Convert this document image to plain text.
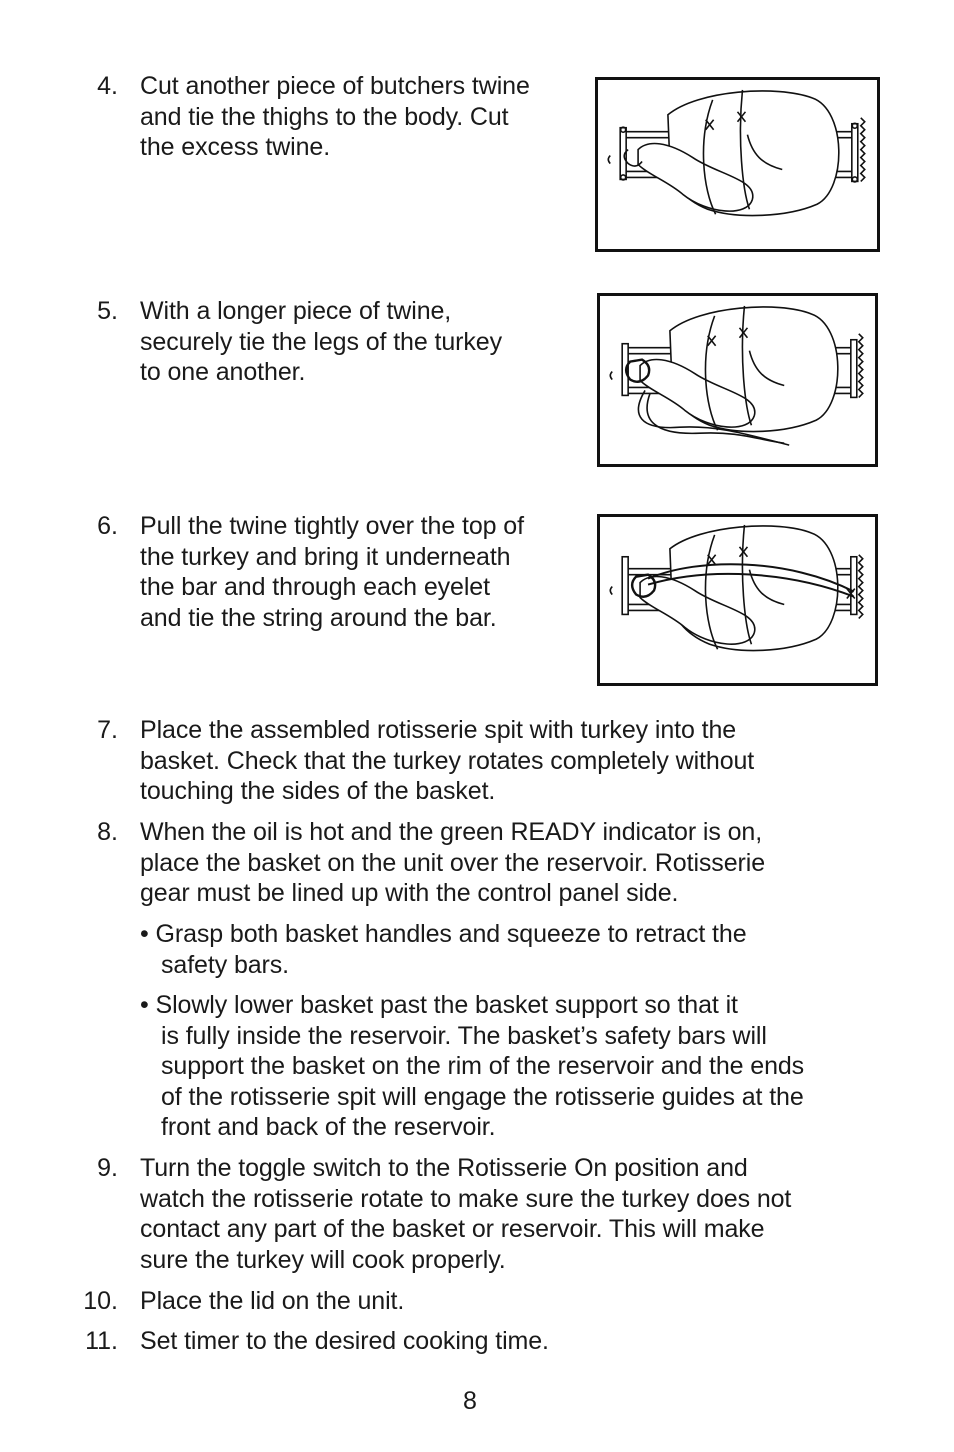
4. Cut another piece of butchers twine
and tie the thighs to the body. Cut
the excess twine.
5. With a longer piece of twine,
securely tie the legs of the turkey
to one another.
6. Pull the twine tightly over the top of
the turkey and bring it underneath
the bar and through each eyelet
and tie the string around the bar.
7. Place the assembled rotisserie spit with turkey into the
basket. Check that the turkey rotates completely without
touching the sides of the basket.
8. When the oil is hot and the green READY indicator is on,
place the basket on the unit over the reservoir. Rotisserie
gear must be lined up with the control panel side.
• Grasp both basket handles and squeeze to retract the
safety bars.
• Slowly lower basket past the basket support so that it
is fully inside the reservoir. The basket’s safety bars will
support the basket on the rim of the reservoir and the ends
of the rotisserie spit will engage the rotisserie guides at the
front and back of the reservoir.
9. Turn the toggle switch to the Rotisserie On position and
watch the rotisserie rotate to make sure the turkey does not
contact any part of the basket or reservoir. This will make
sure the turkey will cook properly.
10. Place the lid on the unit.
11. Set timer to the desired cooking time.
8
